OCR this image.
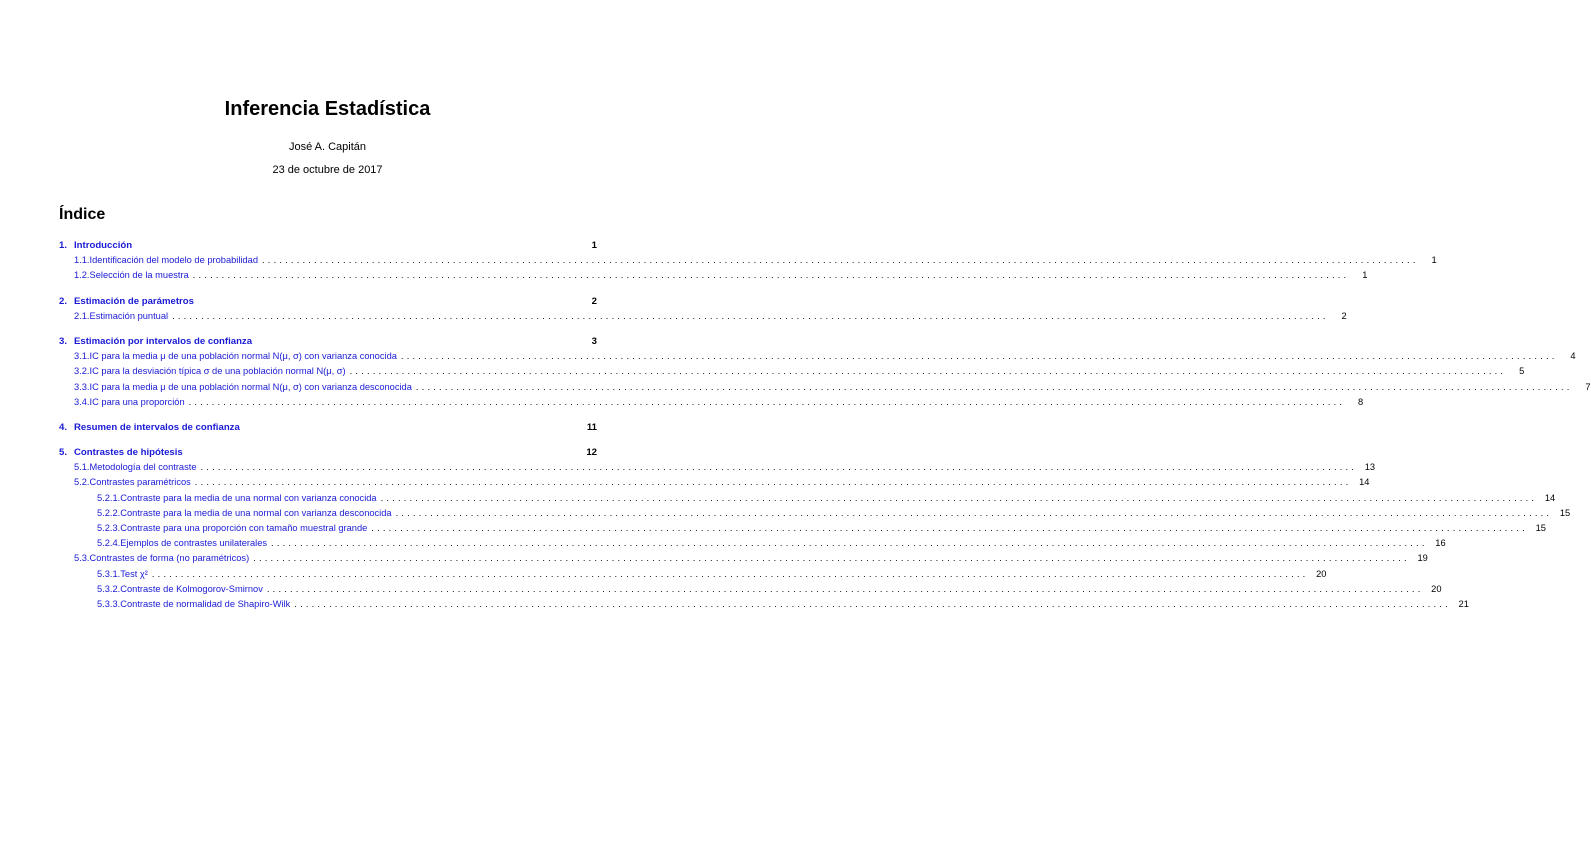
Inferencia Estadística
José A. Capitán
23 de octubre de 2017
Índice
1. Introducción	1
1.1. Identificación del modelo de probabilidad ........................................................................................................................................................................................................	1
1.2. Selección de la muestra ........................................................................................................................................................................................................	1
2. Estimación de parámetros	2
2.1. Estimación puntual ........................................................................................................................................................................................................	2
3. Estimación por intervalos de confianza	3
3.1. IC para la media μ de una población normal N(μ, σ) con varianza conocida ........................................................................................................................................................................................................	4
3.2. IC para la desviación típica σ de una población normal N(μ, σ) ........................................................................................................................................................................................................	5
3.3. IC para la media μ de una población normal N(μ, σ) con varianza desconocida ........................................................................................................................................................................................................	7
3.4. IC para una proporción ........................................................................................................................................................................................................	8
4. Resumen de intervalos de confianza	11
5. Contrastes de hipótesis	12
5.1. Metodología del contraste ........................................................................................................................................................................................................ 13
5.2. Contrastes paramétricos ........................................................................................................................................................................................................ 14
5.2.1. Contraste para la media de una normal con varianza conocida ........................................................................................................................................................................................................ 14
5.2.2. Contraste para la media de una normal con varianza desconocida ........................................................................................................................................................................................................ 15
5.2.3. Contraste para una proporción con tamaño muestral grande ........................................................................................................................................................................................................ 15
5.2.4. Ejemplos de contrastes unilaterales ........................................................................................................................................................................................................ 16
5.3. Contrastes de forma (no paramétricos) ........................................................................................................................................................................................................ 19
5.3.1. Test χ² ........................................................................................................................................................................................................ 20
5.3.2. Contraste de Kolmogorov-Smirnov ........................................................................................................................................................................................................ 20
5.3.3. Contraste de normalidad de Shapiro-Wilk ........................................................................................................................................................................................................ 21
